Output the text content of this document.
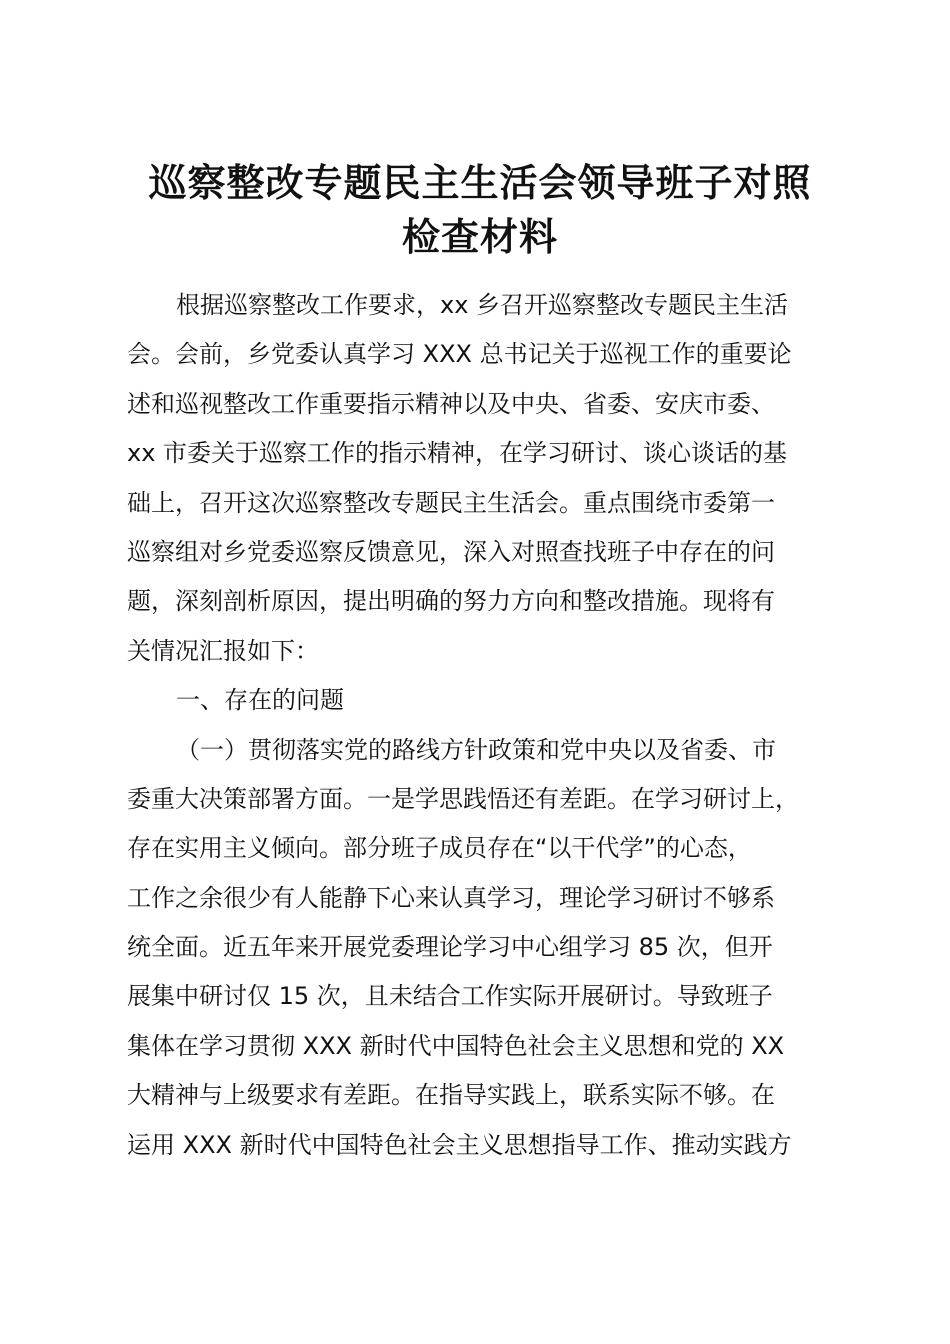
巡察整改专题民主生活会领导班子对照
检查材料
根据巡察整改工作要求，xx 乡召开巡察整改专题民主生活
会。会前，乡党委认真学习 XXX 总书记关于巡视工作的重要论
述和巡视整改工作重要指示精神以及中央、省委、安庆市委、
xx 市委关于巡察工作的指示精神，在学习研讨、谈心谈话的基
础上，召开这次巡察整改专题民主生活会。重点围绕市委第一
巡察组对乡党委巡察反馈意见，深入对照查找班子中存在的问
题，深刻剖析原因，提出明确的努力方向和整改措施。现将有
关情况汇报如下：
一、存在的问题
（一）贯彻落实党的路线方针政策和党中央以及省委、市
委重大决策部署方面。一是学思践悟还有差距。在学习研讨上，
存在实用主义倾向。部分班子成员存在“以干代学”的心态，
工作之余很少有人能静下心来认真学习，理论学习研讨不够系
统全面。近五年来开展党委理论学习中心组学习 85 次，但开
展集中研讨仅 15 次，且未结合工作实际开展研讨。导致班子
集体在学习贯彻 XXX 新时代中国特色社会主义思想和党的 XX
大精神与上级要求有差距。在指导实践上，联系实际不够。在
运用 XXX 新时代中国特色社会主义思想指导工作、推动实践方
